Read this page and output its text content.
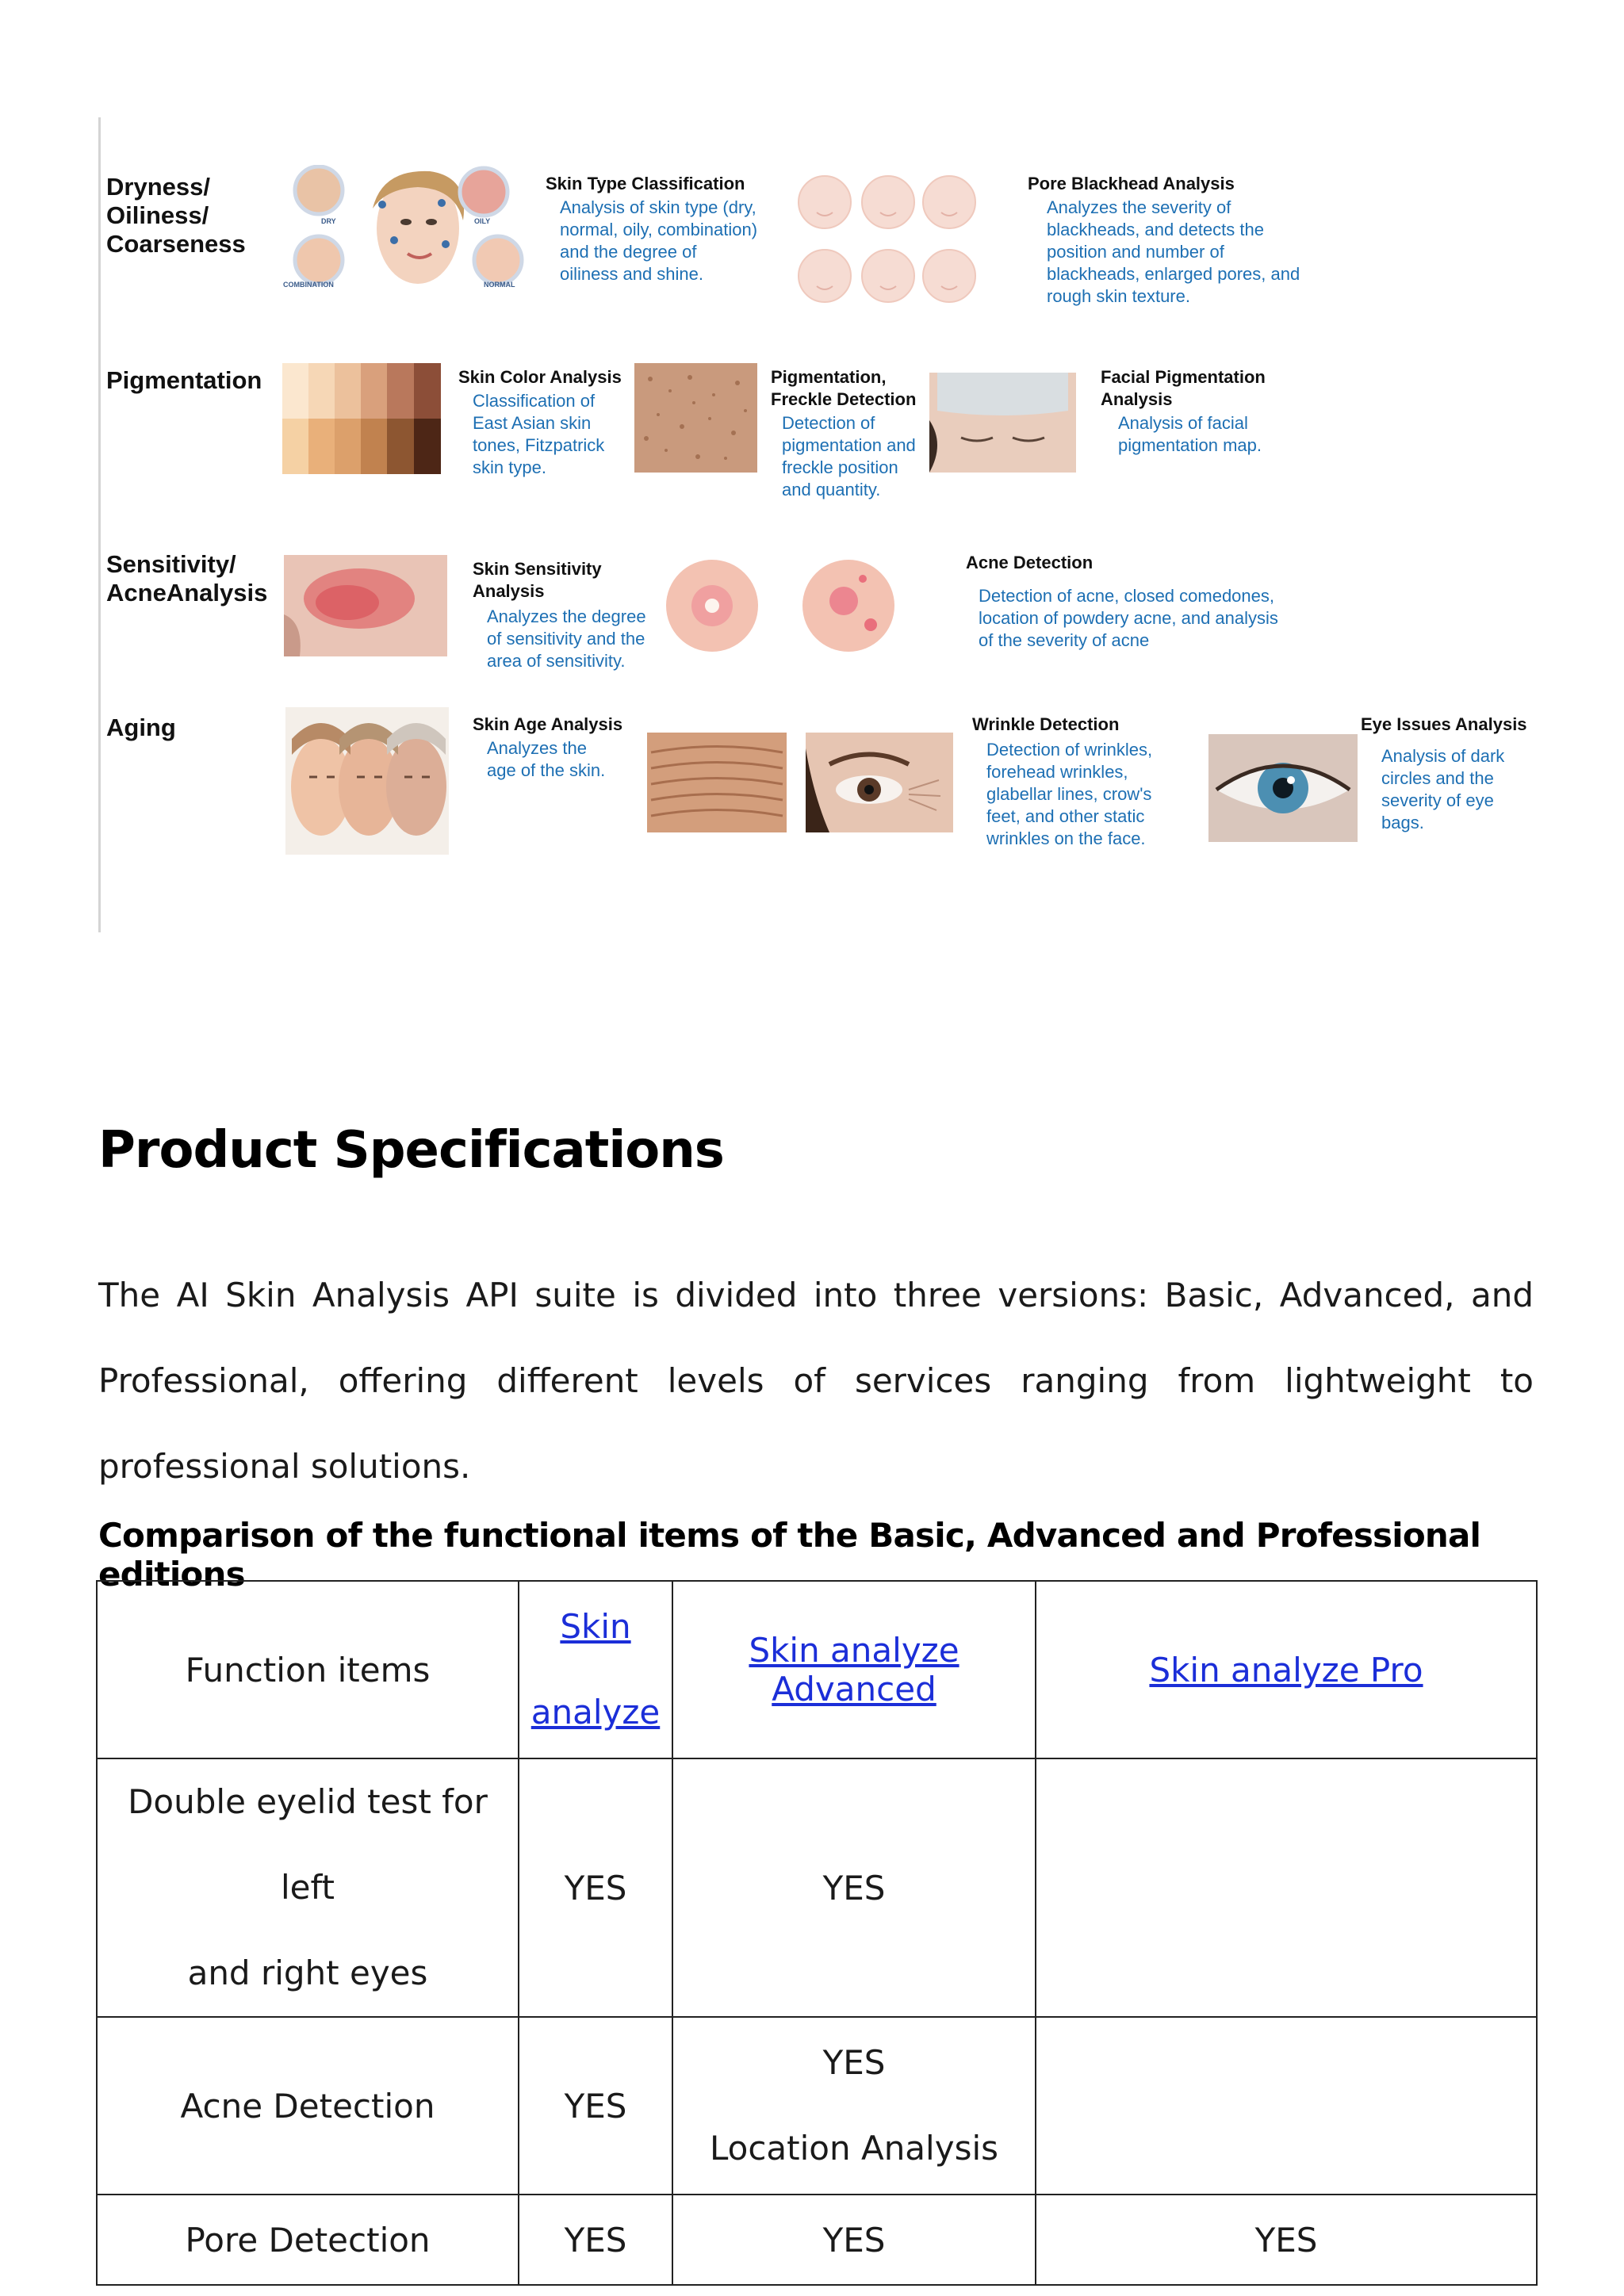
Dryness/
Oiliness/
Coarseness
DRY	OILY
COMBINATION	NORMAL
Skin Type Classification
Analysis of skin type (dry,
normal, oily, combination)
and the degree of
oiliness and shine.
Pore Blackhead Analysis
Analyzes the severity of
blackheads, and detects the
position and number of
blackheads, enlarged pores, and
rough skin texture.
Pigmentation	Skin Color Analysis
Classification of
East Asian skin
tones, Fitzpatrick
skin type.
Pigmentation,
Freckle Detection
Detection of
pigmentation and
freckle position
and quantity.
Facial Pigmentation
Analysis
Analysis of facial
pigmentation map.
Sensitivity/
AcneAnalysis
Skin Sensitivity
Analysis
Analyzes the degree
of sensitivity and the
area of sensitivity.
Acne Detection
Detection of acne, closed comedones,
location of powdery acne, and analysis
of the severity of acne
Aging	Skin Age Analysis
Analyzes the
age of the skin.
Wrinkle Detection
Detection of wrinkles,
forehead wrinkles,
glabellar lines, crow's
feet, and other static
wrinkles on the face.
Eye Issues Analysis
Analysis of dark
circles and the
severity of eye
bags.
Product Specifications
The AI Skin Analysis API suite is divided into three versions: Basic, Advanced, and Professional, offering different levels of services ranging from lightweight to professional solutions.
Comparison of the functional items of the Basic, Advanced and Professional editions
Function items	Skin
analyze	Skin analyze Advanced	Skin analyze Pro
Double eyelid test for left
and right eyes	YES	YES	
Acne Detection	YES	YES
Location Analysis	
Pore Detection	YES	YES	YES
